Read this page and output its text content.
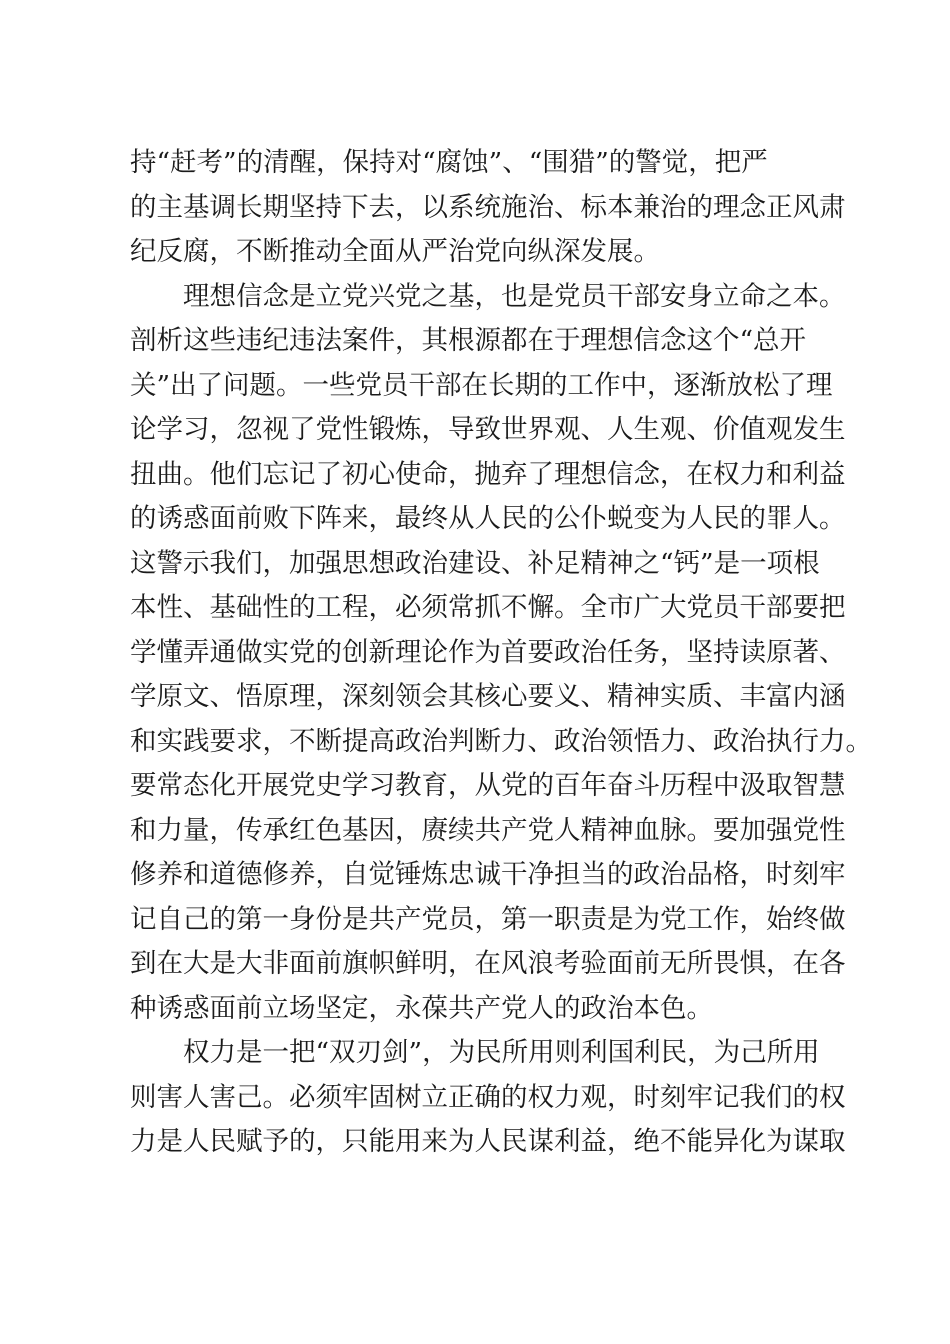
持“赶考”的清醒，保持对“腐蚀”、“围猎”的警觉，把严
的主基调长期坚持下去，以系统施治、标本兼治的理念正风肃
纪反腐，不断推动全面从严治党向纵深发展。
理想信念是立党兴党之基，也是党员干部安身立命之本。
剖析这些违纪违法案件，其根源都在于理想信念这个“总开
关”出了问题。一些党员干部在长期的工作中，逐渐放松了理
论学习，忽视了党性锻炼，导致世界观、人生观、价值观发生
扭曲。他们忘记了初心使命，抛弃了理想信念，在权力和利益
的诱惑面前败下阵来，最终从人民的公仆蜕变为人民的罪人。
这警示我们，加强思想政治建设、补足精神之“钙”是一项根
本性、基础性的工程，必须常抓不懈。全市广大党员干部要把
学懂弄通做实党的创新理论作为首要政治任务，坚持读原著、
学原文、悟原理，深刻领会其核心要义、精神实质、丰富内涵
和实践要求，不断提高政治判断力、政治领悟力、政治执行力。
要常态化开展党史学习教育，从党的百年奋斗历程中汲取智慧
和力量，传承红色基因，赓续共产党人精神血脉。要加强党性
修养和道德修养，自觉锤炼忠诚干净担当的政治品格，时刻牢
记自己的第一身份是共产党员，第一职责是为党工作，始终做
到在大是大非面前旗帜鲜明，在风浪考验面前无所畏惧，在各
种诱惑面前立场坚定，永葆共产党人的政治本色。
权力是一把“双刃剑”，为民所用则利国利民，为己所用
则害人害己。必须牢固树立正确的权力观，时刻牢记我们的权
力是人民赋予的，只能用来为人民谋利益，绝不能异化为谋取
